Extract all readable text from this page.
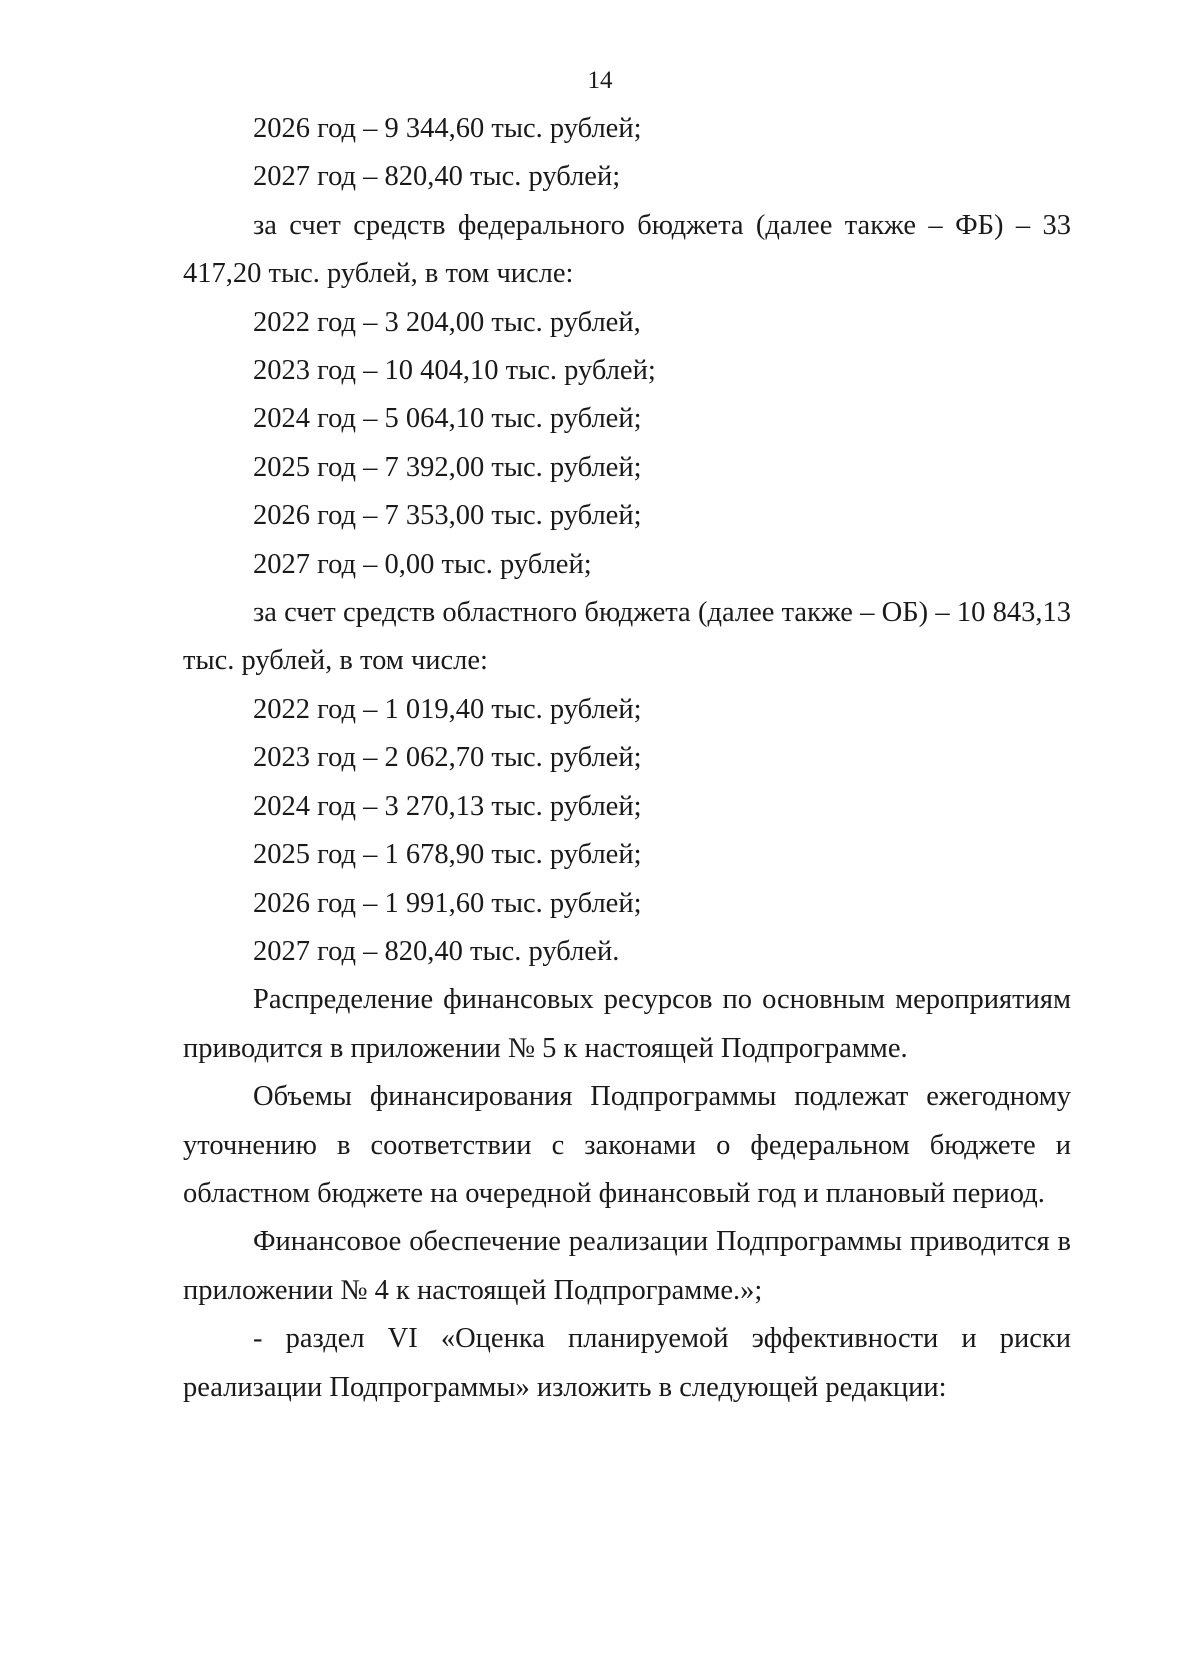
14
2026 год – 9 344,60 тыс. рублей;
2027 год – 820,40 тыс. рублей;

за счет средств федерального бюджета (далее также – ФБ) – 33 417,20 тыс. рублей, в том числе:

2022 год – 3 204,00 тыс. рублей,
2023 год – 10 404,10 тыс. рублей;
2024 год – 5 064,10 тыс. рублей;
2025 год – 7 392,00 тыс. рублей;
2026 год – 7 353,00 тыс. рублей;
2027 год – 0,00 тыс. рублей;

за счет средств областного бюджета (далее также – ОБ) – 10 843,13 тыс. рублей, в том числе:

2022 год – 1 019,40 тыс. рублей;
2023 год – 2 062,70 тыс. рублей;
2024 год – 3 270,13 тыс. рублей;
2025 год – 1 678,90 тыс. рублей;
2026 год – 1 991,60 тыс. рублей;
2027 год – 820,40 тыс. рублей.

Распределение финансовых ресурсов по основным мероприятиям приводится в приложении № 5 к настоящей Подпрограмме.

Объемы финансирования Подпрограммы подлежат ежегодному уточнению в соответствии с законами о федеральном бюджете и областном бюджете на очередной финансовый год и плановый период.

Финансовое обеспечение реализации Подпрограммы приводится в приложении № 4 к настоящей Подпрограмме.»;

- раздел VI «Оценка планируемой эффективности и риски реализации Подпрограммы» изложить в следующей редакции:
